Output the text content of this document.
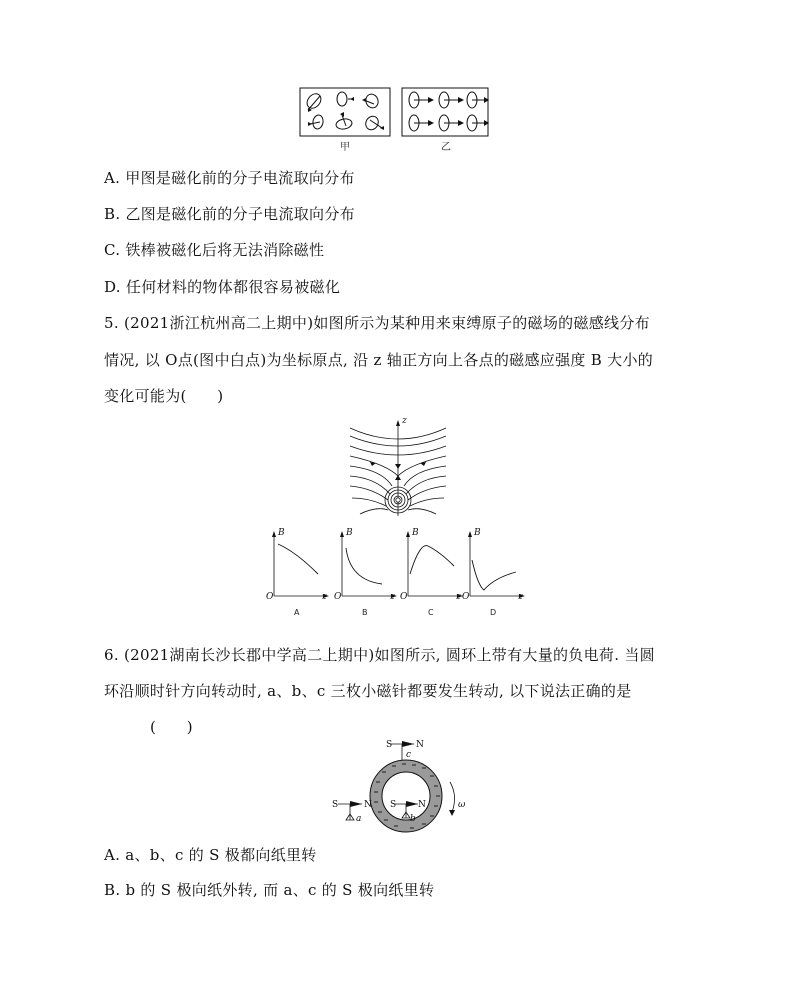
甲	乙
A. 甲图是磁化前的分子电流取向分布
B. 乙图是磁化前的分子电流取向分布
C. 铁棒被磁化后将无法消除磁性
D. 任何材料的物体都很容易被磁化
5. (2021浙江杭州高二上期中)如图所示为某种用来束缚原子的磁场的磁感线分布
情况, 以 O点(图中白点)为坐标原点, 沿 z 轴正方向上各点的磁感应强度 B 大小的
变化可能为(　　)
z
B
O	z
A
B
O	z
B
B
O	z
C
B
O	z
D
6. (2021湖南长沙长郡中学高二上期中)如图所示, 圆环上带有大量的负电荷. 当圆
环沿顺时针方向转动时, a、b、c 三枚小磁针都要发生转动, 以下说法正确的是
(　　)
S	N
c
S	N
a
S N
b
ω
A. a、b、c 的 S 极都向纸里转
B. b 的 S 极向纸外转, 而 a、c 的 S 极向纸里转
